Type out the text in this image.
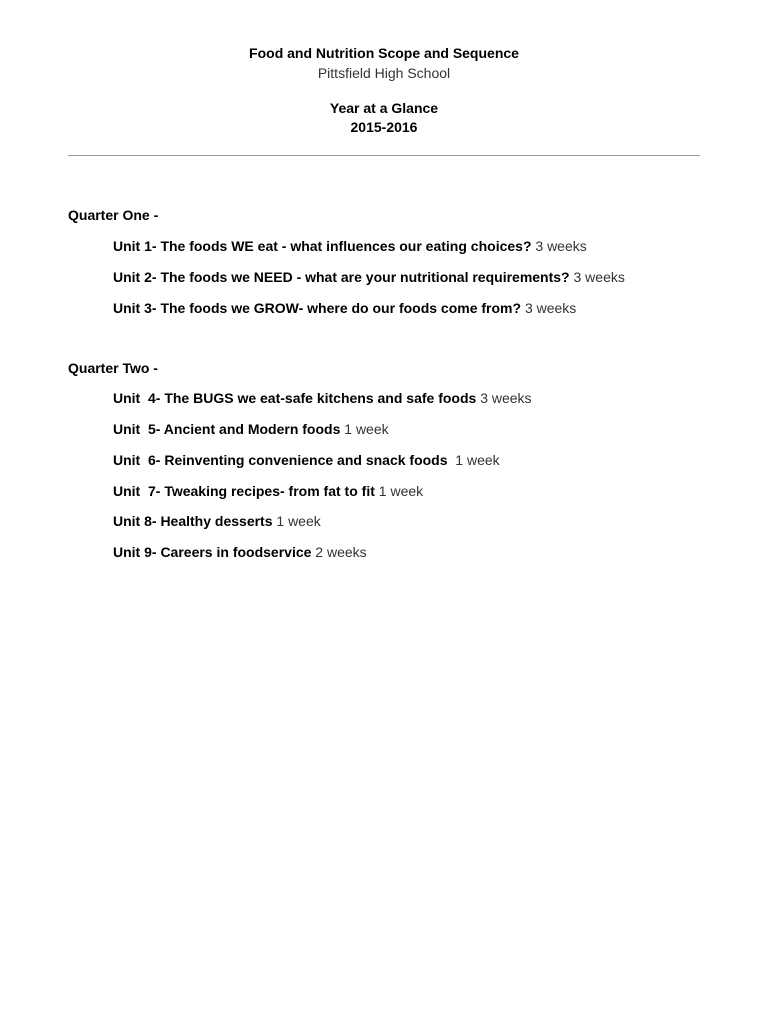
Food and Nutrition Scope and Sequence
Pittsfield High School
Year at a Glance
2015-2016
Quarter One -
Unit 1- The foods WE eat - what influences our eating choices? 3 weeks
Unit 2- The foods we NEED - what are your nutritional requirements? 3 weeks
Unit 3- The foods we GROW- where do our foods come from? 3 weeks
Quarter Two -
Unit  4- The BUGS we eat-safe kitchens and safe foods 3 weeks
Unit  5- Ancient and Modern foods 1 week
Unit  6- Reinventing convenience and snack foods  1 week
Unit  7- Tweaking recipes- from fat to fit 1 week
Unit 8- Healthy desserts 1 week
Unit 9- Careers in foodservice 2 weeks
